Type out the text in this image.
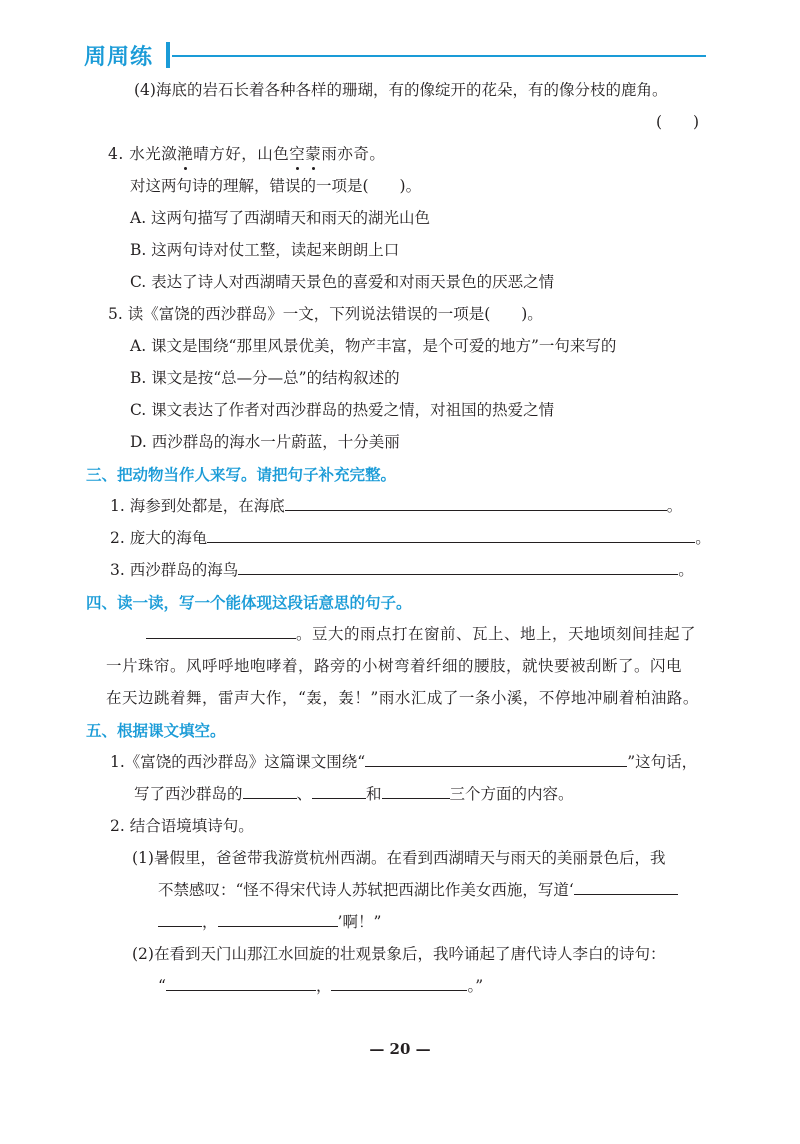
周周练
(4)海底的岩石长着各种各样的珊瑚，有的像绽开的花朵，有的像分枝的鹿角。
(　　)
4. 水光潋滟晴方好，山色空蒙雨亦奇。
对这两句诗的理解，错误的一项是(　　)。
A. 这两句描写了西湖晴天和雨天的湖光山色
B. 这两句诗对仗工整，读起来朗朗上口
C. 表达了诗人对西湖晴天景色的喜爱和对雨天景色的厌恶之情
5. 读《富饶的西沙群岛》一文，下列说法错误的一项是(　　)。
A. 课文是围绕“那里风景优美，物产丰富，是个可爱的地方”一句来写的
B. 课文是按“总—分—总”的结构叙述的
C. 课文表达了作者对西沙群岛的热爱之情，对祖国的热爱之情
D. 西沙群岛的海水一片蔚蓝，十分美丽
三、把动物当作人来写。请把句子补充完整。
1. 海参到处都是，在海底	。
2. 庞大的海龟	。
3. 西沙群岛的海鸟	。
四、读一读，写一个能体现这段话意思的句子。
。豆大的雨点打在窗前、瓦上、地上，天地顷刻间挂起了
一片珠帘。风呼呼地咆哮着，路旁的小树弯着纤细的腰肢，就快要被刮断了。闪电
在天边跳着舞，雷声大作，“轰，轰！”雨水汇成了一条小溪，不停地冲刷着柏油路。
五、根据课文填空。
1.《富饶的西沙群岛》这篇课文围绕“	”这句话，
写了西沙群岛的	、	和	三个方面的内容。
2. 结合语境填诗句。
(1)暑假里，爸爸带我游赏杭州西湖。在看到西湖晴天与雨天的美丽景色后，我
不禁感叹：“怪不得宋代诗人苏轼把西湖比作美女西施，写道‘
，	’啊！”
(2)在看到天门山那江水回旋的壮观景象后，我吟诵起了唐代诗人李白的诗句：
“	，	。”
— 20 —
